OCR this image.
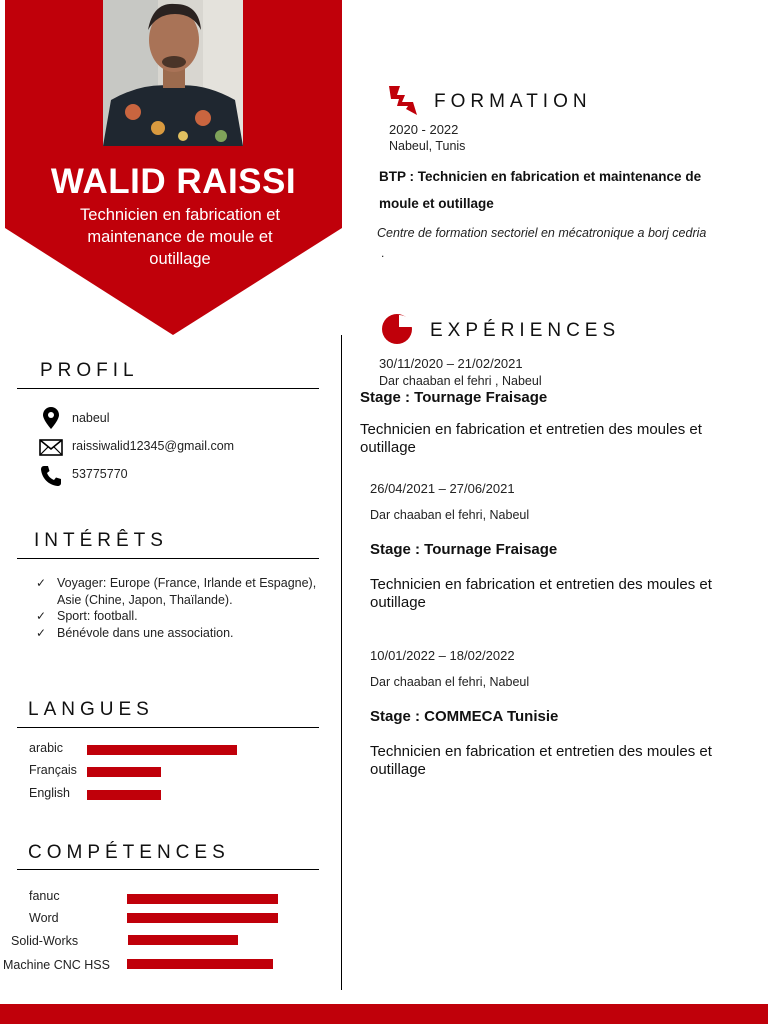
WALID RAISSI
Technicien en fabrication et maintenance de moule et outillage
PROFIL
nabeul
raissiwalid12345@gmail.com
53775770
INTÉRÊTS
✓ Voyager: Europe (France, Irlande et Espagne), Asie (Chine, Japon, Thaïlande).
✓ Sport: football.
✓ Bénévole dans une association.
LANGUES
arabic
Français
English
COMPÉTENCES
fanuc
Word
Solid-Works
Machine CNC HSS
FORMATION
2020 - 2022
Nabeul, Tunis
BTP : Technicien en fabrication et maintenance de moule et outillage
Centre de formation sectoriel en mécatronique a borj cedria
.
EXPÉRIENCES
30/11/2020 – 21/02/2021
Dar chaaban el fehri , Nabeul
Stage : Tournage Fraisage
Technicien en fabrication et entretien des moules et outillage
26/04/2021 – 27/06/2021
Dar chaaban el fehri, Nabeul
Stage : Tournage Fraisage
Technicien en fabrication et entretien des moules et outillage
10/01/2022 – 18/02/2022
Dar chaaban el fehri, Nabeul
Stage : COMMECA Tunisie
Technicien en fabrication et entretien des moules et outillage
